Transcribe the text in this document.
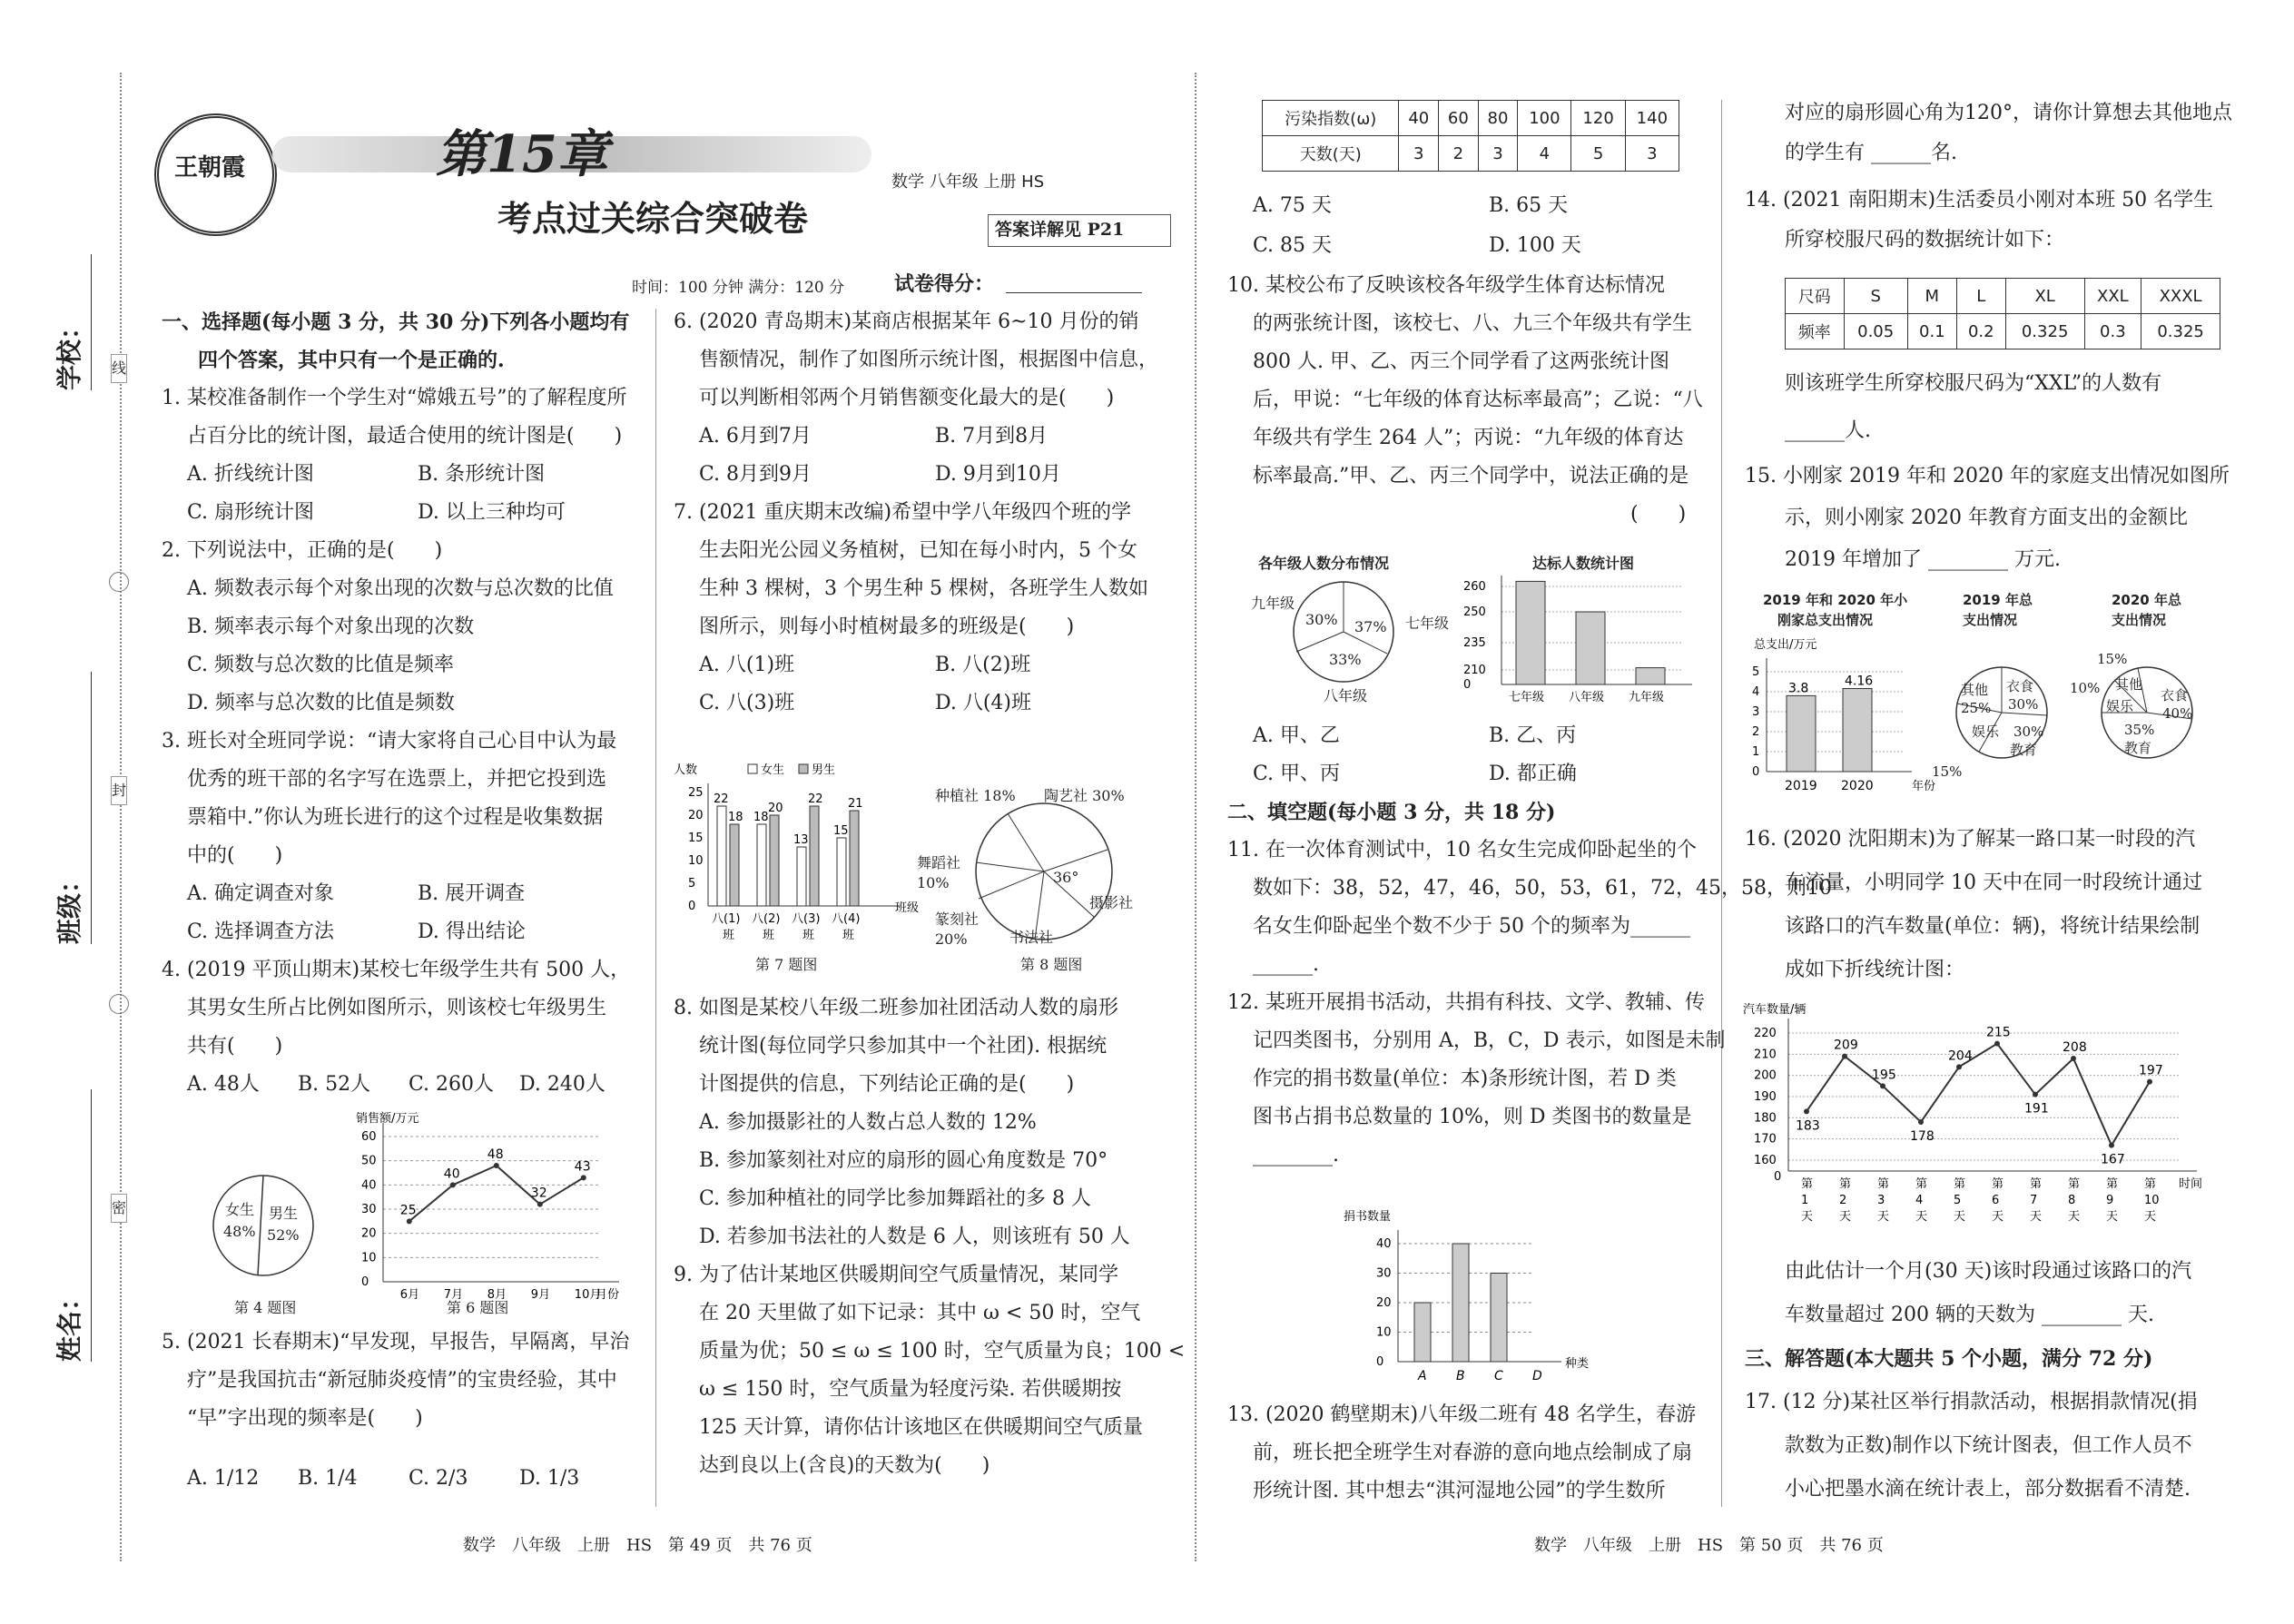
学校：
班级：
姓名：
线
封
密
王朝霞	第15章
考点过关综合突破卷
数学 八年级 上册 HS
答案详解见 P21
时间：100 分钟 满分：120 分 试卷得分：
一、选择题(每小题 3 分，共 30 分)下列各小题均有
四个答案，其中只有一个是正确的.
1. 某校准备制作一个学生对“嫦娥五号”的了解程度所
占百分比的统计图，最适合使用的统计图是(　　)
A. 折线统计图	B. 条形统计图
C. 扇形统计图	D. 以上三种均可
2. 下列说法中，正确的是(　　)
A. 频数表示每个对象出现的次数与总次数的比值
B. 频率表示每个对象出现的次数
C. 频数与总次数的比值是频率
D. 频率与总次数的比值是频数
3. 班长对全班同学说：“请大家将自己心目中认为最
优秀的班干部的名字写在选票上，并把它投到选
票箱中.”你认为班长进行的这个过程是收集数据
中的(　　)
A. 确定调查对象	B. 展开调查
C. 选择调查方法	D. 得出结论
4. (2019 平顶山期末)某校七年级学生共有 500 人，
其男女生所占比例如图所示，则该校七年级男生
共有(　　)
A. 48人 B. 52人 C. 260人 D. 240人
女生
48%
男生
52%
第 4 题图
销售额/万元
60
50
40
30
20
10
0
25
6月
40
7月
48
8月
32
9月
43
10月
月份
第 6 题图
5. (2021 长春期末)“早发现，早报告，早隔离，早治
疗”是我国抗击“新冠肺炎疫情”的宝贵经验，其中
“早”字出现的频率是(　　)
A. 1/12 B. 1/4	C. 2/3	D. 1/3
6. (2020 青岛期末)某商店根据某年 6~10 月份的销
售额情况，制作了如图所示统计图，根据图中信息，
可以判断相邻两个月销售额变化最大的是(　　)
A. 6月到7月	B. 7月到8月
C. 8月到9月	D. 9月到10月
7. (2021 重庆期末改编)希望中学八年级四个班的学
生去阳光公园义务植树，已知在每小时内，5 个女
生种 3 棵树，3 个男生种 5 棵树，各班学生人数如
图所示，则每小时植树最多的班级是(　　)
A. 八(1)班	B. 八(2)班
C. 八(3)班	D. 八(4)班
人数	女生 男生
25
20
15
10
5
0
22
18
八(1)
班
18
20
八(2)
班
13
22
八(3)
班
15
21
八(4)
班
班级
第 7 题图
种植社 18% 陶艺社 30%
舞蹈社
10%
摄影社
篆刻社
20%	书法社
36°
第 8 题图
8. 如图是某校八年级二班参加社团活动人数的扇形
统计图(每位同学只参加其中一个社团). 根据统
计图提供的信息，下列结论正确的是(　　)
A. 参加摄影社的人数占总人数的 12%
B. 参加篆刻社对应的扇形的圆心角度数是 70°
C. 参加种植社的同学比参加舞蹈社的多 8 人
D. 若参加书法社的人数是 6 人，则该班有 50 人
9. 为了估计某地区供暖期间空气质量情况，某同学
在 20 天里做了如下记录：其中 ω < 50 时，空气
质量为优；50 ≤ ω ≤ 100 时，空气质量为良；100 <
ω ≤ 150 时，空气质量为轻度污染. 若供暖期按
125 天计算，请你估计该地区在供暖期间空气质量
达到良以上(含良)的天数为(　　)
污染指数(ω)	40	60	80	100	120	140
天数(天)	3	2	3	4	5	3
A. 75 天	B. 65 天
C. 85 天	D. 100 天
10. 某校公布了反映该校各年级学生体育达标情况
的两张统计图，该校七、八、九三个年级共有学生
800 人. 甲、乙、丙三个同学看了这两张统计图
后，甲说：“七年级的体育达标率最高”；乙说：“八
年级共有学生 264 人”；丙说：“九年级的体育达
标率最高.”甲、乙、丙三个同学中，说法正确的是
(　　)
各年级人数分布情况
九年级
30% 37% 七年级
33%
八年级
达标人数统计图
260
250
235
210
0
七年级 八年级 九年级
A. 甲、乙	B. 乙、丙
C. 甲、丙	D. 都正确
二、填空题(每小题 3 分，共 18 分)
11. 在一次体育测试中，10 名女生完成仰卧起坐的个
数如下：38，52，47，46，50，53，61，72，45，58，则10
名女生仰卧起坐个数不少于 50 个的频率为______
______.
12. 某班开展捐书活动，共捐有科技、文学、教辅、传
记四类图书，分别用 A，B，C，D 表示，如图是未制
作完的捐书数量(单位：本)条形统计图，若 D 类
图书占捐书总数量的 10%，则 D 类图书的数量是
________.
捐书数量
40
30
20
10
0
A B C D
种类
13. (2020 鹤壁期末)八年级二班有 48 名学生，春游
前，班长把全班学生对春游的意向地点绘制成了扇
形统计图. 其中想去“淇河湿地公园”的学生数所
对应的扇形圆心角为120°，请你计算想去其他地点
的学生有 ______名.
14. (2021 南阳期末)生活委员小刚对本班 50 名学生
所穿校服尺码的数据统计如下：
尺码	S	M	L	XL	XXL	XXXL
频率	0.05	0.1	0.2	0.325	0.3	0.325
则该班学生所穿校服尺码为“XXL”的人数有
______人.
15. 小刚家 2019 年和 2020 年的家庭支出情况如图所
示，则小刚家 2020 年教育方面支出的金额比
2019 年增加了 ________ 万元.
2019 年和 2020 年小
刚家总支出情况
2019 年总
支出情况
2020 年总
支出情况
总支出/万元
5
4
3
2
1
0
3.8
2019
4.16
2020	年份
其他 衣食
25% 30%
娱乐 30%
教育
15%
15%
10% 其他
衣食
娱乐 40%
35%
教育
16. (2020 沈阳期末)为了解某一路口某一时段的汽
车流量，小明同学 10 天中在同一时段统计通过
该路口的汽车数量(单位：辆)，将统计结果绘制
成如下折线统计图：
汽车数量/辆
220
210
200
190
180
170
160
0
183
第
1
天
209
第
2
天
195
第
3
天
178
第
4
天
204
第
5
天
215
第
6
天
191
第
7
天
208
第
8
天
167
第
9
天
197
第
10
天
时间
由此估计一个月(30 天)该时段通过该路口的汽
车数量超过 200 辆的天数为 ________ 天.
三、解答题(本大题共 5 个小题，满分 72 分)
17. (12 分)某社区举行捐款活动，根据捐款情况(捐
款数为正数)制作以下统计图表，但工作人员不
小心把墨水滴在统计表上，部分数据看不清楚.
数学　八年级　上册　HS　第 49 页　共 76 页	数学　八年级　上册　HS　第 50 页　共 76 页
